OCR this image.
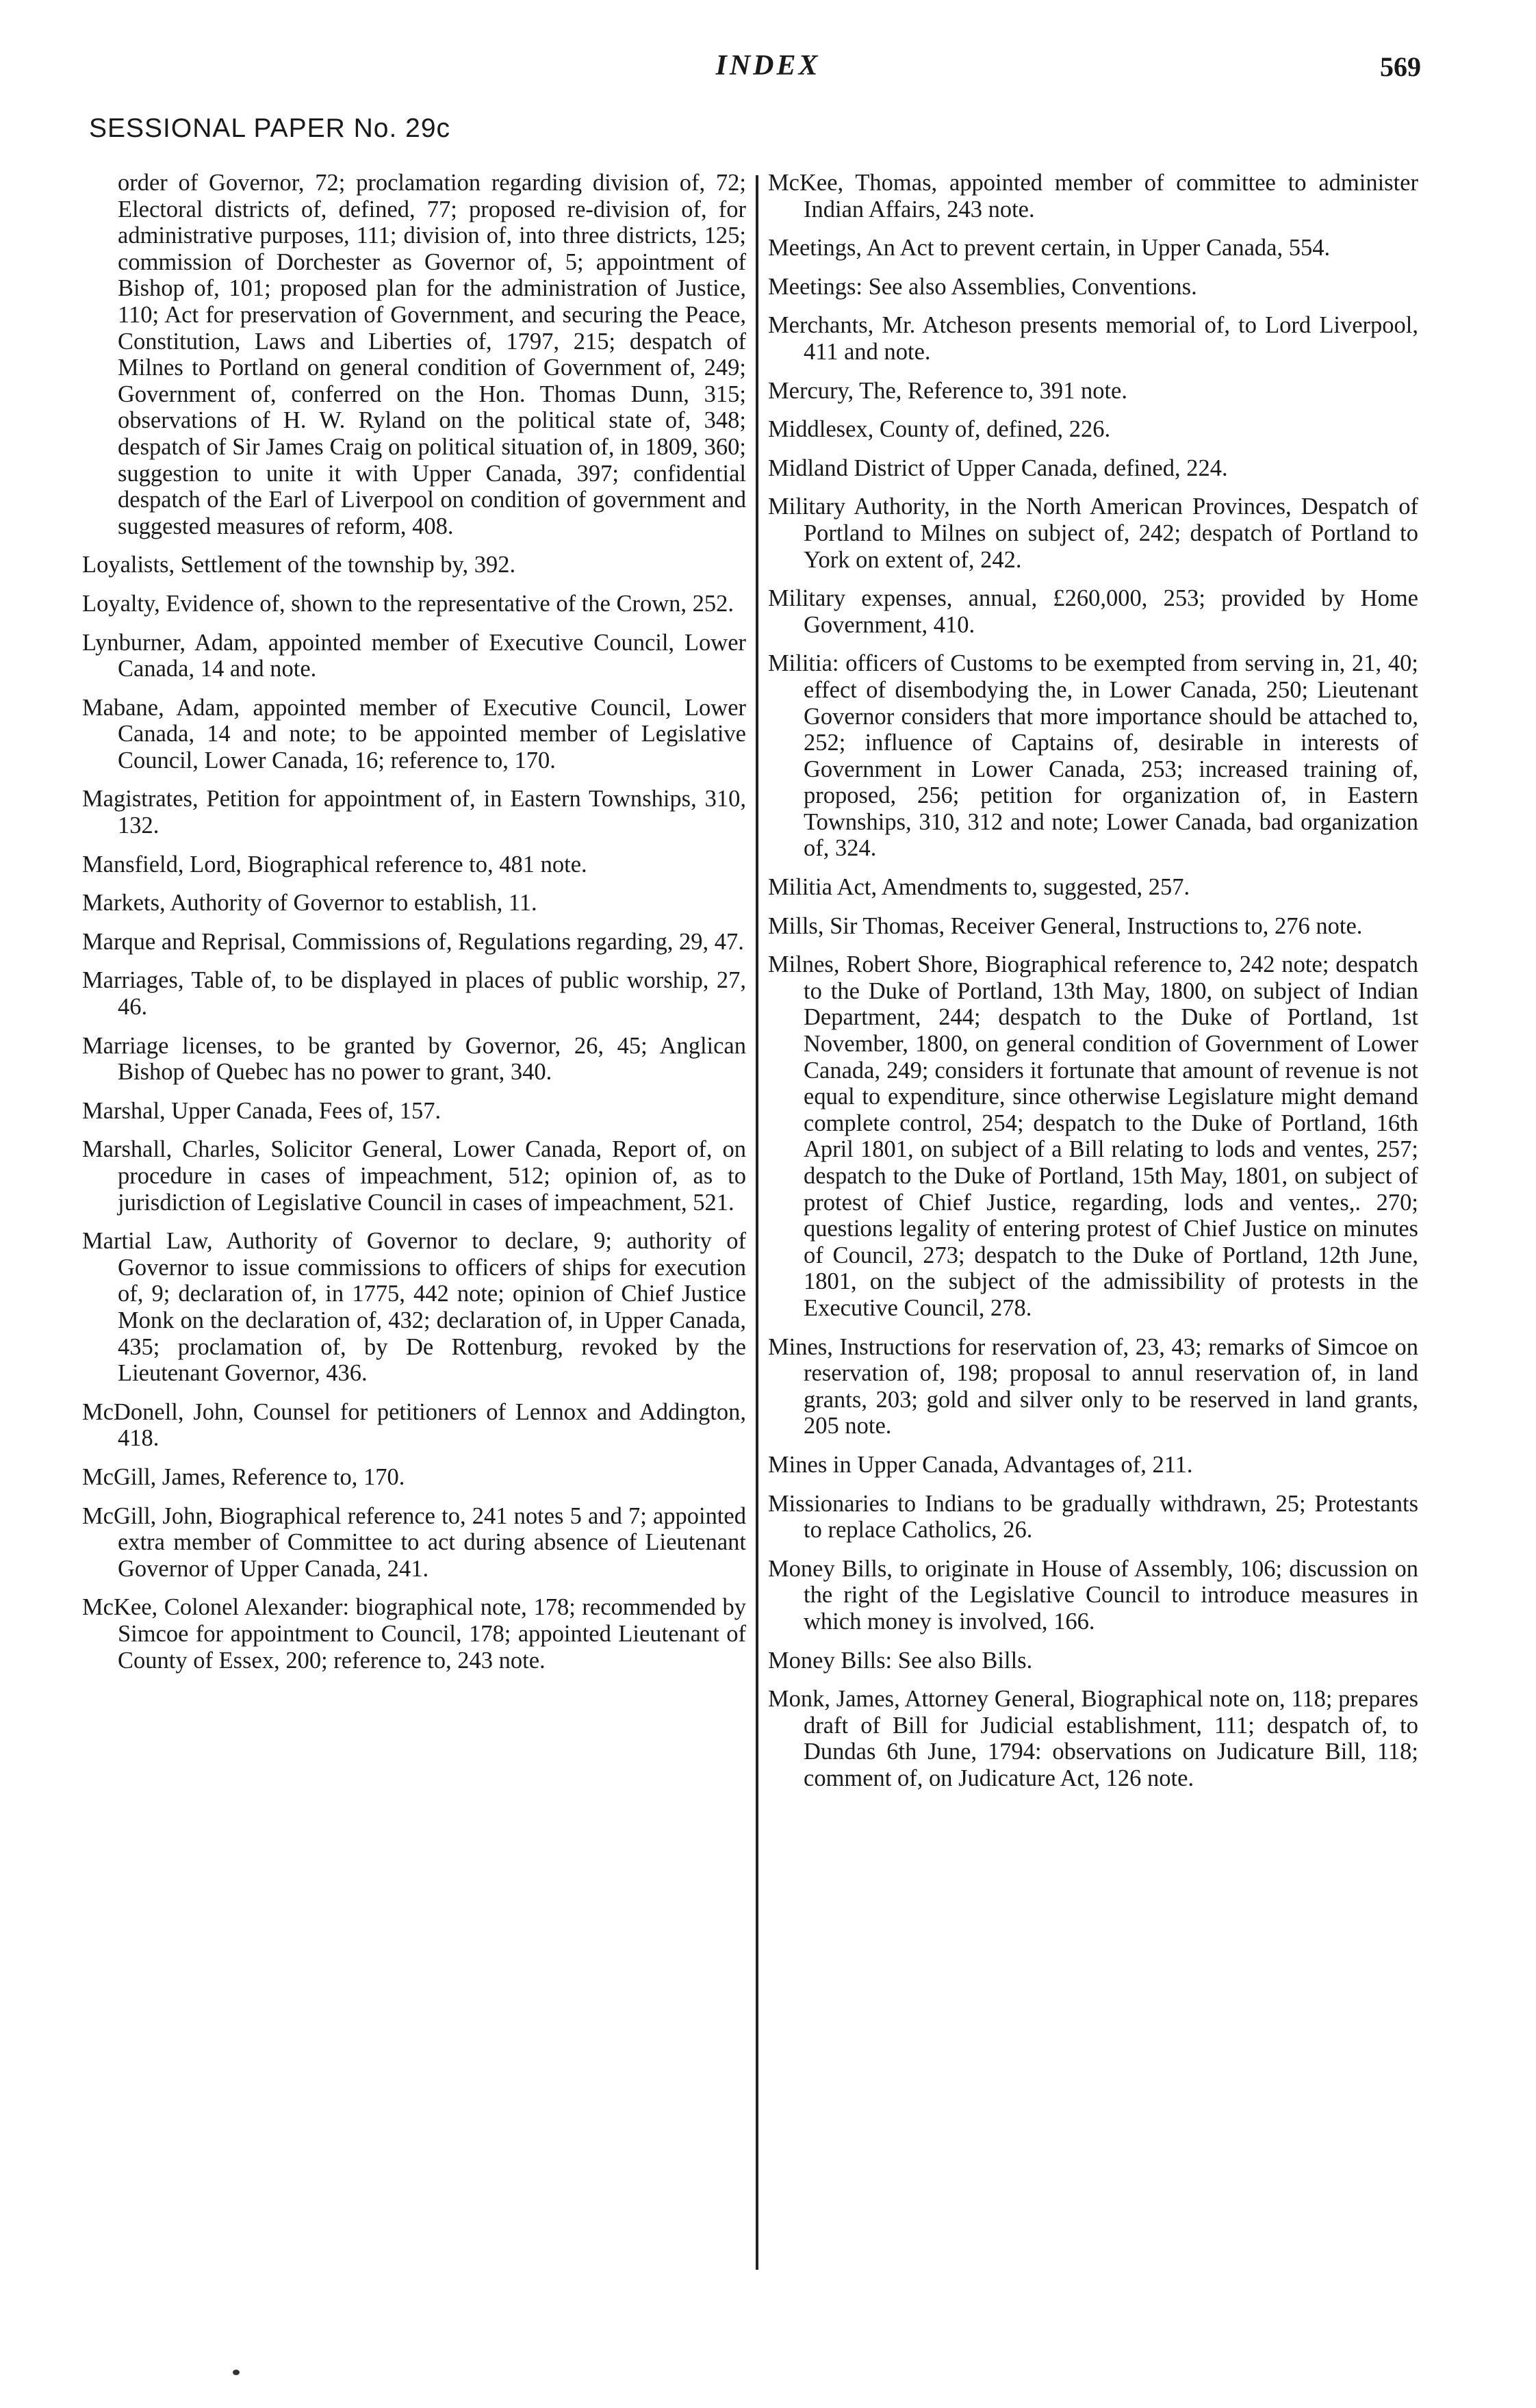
INDEX	569
SESSIONAL PAPER No. 29c

order of Governor, 72; proclamation regarding division of, 72; Electoral districts of, defined, 77; proposed re-division of, for administrative purposes, 111; division of, into three districts, 125; commission of Dorchester as Governor of, 5; appointment of Bishop of, 101; proposed plan for the administration of Justice, 110; Act for preservation of Government, and securing the Peace, Constitution, Laws and Liberties of, 1797, 215; despatch of Milnes to Portland on general condition of Government of, 249; Government of, conferred on the Hon. Thomas Dunn, 315; observations of H. W. Ryland on the political state of, 348; despatch of Sir James Craig on political situation of, in 1809, 360; suggestion to unite it with Upper Canada, 397; confidential despatch of the Earl of Liverpool on condition of government and suggested measures of reform, 408.

Loyalists, Settlement of the township by, 392.

Loyalty, Evidence of, shown to the representative of the Crown, 252.

Lynburner, Adam, appointed member of Executive Council, Lower Canada, 14 and note.

Mabane, Adam, appointed member of Executive Council, Lower Canada, 14 and note; to be appointed member of Legislative Council, Lower Canada, 16; reference to, 170.

Magistrates, Petition for appointment of, in Eastern Townships, 310, 132.

Mansfield, Lord, Biographical reference to, 481 note.

Markets, Authority of Governor to establish, 11.

Marque and Reprisal, Commissions of, Regulations regarding, 29, 47.

Marriages, Table of, to be displayed in places of public worship, 27, 46.

Marriage licenses, to be granted by Governor, 26, 45; Anglican Bishop of Quebec has no power to grant, 340.

Marshal, Upper Canada, Fees of, 157.

Marshall, Charles, Solicitor General, Lower Canada, Report of, on procedure in cases of impeachment, 512; opinion of, as to jurisdiction of Legislative Council in cases of impeachment, 521.

Martial Law, Authority of Governor to declare, 9; authority of Governor to issue commissions to officers of ships for execution of, 9; declaration of, in 1775, 442 note; opinion of Chief Justice Monk on the declaration of, 432; declaration of, in Upper Canada, 435; proclamation of, by De Rottenburg, revoked by the Lieutenant Governor, 436.

McDonell, John, Counsel for petitioners of Lennox and Addington, 418.

McGill, James, Reference to, 170.

McGill, John, Biographical reference to, 241 notes 5 and 7; appointed extra member of Committee to act during absence of Lieutenant Governor of Upper Canada, 241.

McKee, Colonel Alexander: biographical note, 178; recommended by Simcoe for appointment to Council, 178; appointed Lieutenant of County of Essex, 200; reference to, 243 note.

McKee, Thomas, appointed member of committee to administer Indian Affairs, 243 note.

Meetings, An Act to prevent certain, in Upper Canada, 554.

Meetings: See also Assemblies, Conventions.

Merchants, Mr. Atcheson presents memorial of, to Lord Liverpool, 411 and note.

Mercury, The, Reference to, 391 note.

Middlesex, County of, defined, 226.

Midland District of Upper Canada, defined, 224.

Military Authority, in the North American Provinces, Despatch of Portland to Milnes on subject of, 242; despatch of Portland to York on extent of, 242.

Military expenses, annual, £260,000, 253; provided by Home Government, 410.

Militia: officers of Customs to be exempted from serving in, 21, 40; effect of disembodying the, in Lower Canada, 250; Lieutenant Governor considers that more importance should be attached to, 252; influence of Captains of, desirable in interests of Government in Lower Canada, 253; increased training of, proposed, 256; petition for organization of, in Eastern Townships, 310, 312 and note; Lower Canada, bad organization of, 324.

Militia Act, Amendments to, suggested, 257.

Mills, Sir Thomas, Receiver General, Instructions to, 276 note.

Milnes, Robert Shore, Biographical reference to, 242 note; despatch to the Duke of Portland, 13th May, 1800, on subject of Indian Department, 244; despatch to the Duke of Portland, 1st November, 1800, on general condition of Government of Lower Canada, 249; considers it fortunate that amount of revenue is not equal to expenditure, since otherwise Legislature might demand complete control, 254; despatch to the Duke of Portland, 16th April 1801, on subject of a Bill relating to lods and ventes, 257; despatch to the Duke of Portland, 15th May, 1801, on subject of protest of Chief Justice, regarding, lods and ventes,. 270; questions legality of entering protest of Chief Justice on minutes of Council, 273; despatch to the Duke of Portland, 12th June, 1801, on the subject of the admissibility of protests in the Executive Council, 278.

Mines, Instructions for reservation of, 23, 43; remarks of Simcoe on reservation of, 198; proposal to annul reservation of, in land grants, 203; gold and silver only to be reserved in land grants, 205 note.

Mines in Upper Canada, Advantages of, 211.

Missionaries to Indians to be gradually withdrawn, 25; Protestants to replace Catholics, 26.

Money Bills, to originate in House of Assembly, 106; discussion on the right of the Legislative Council to introduce measures in which money is involved, 166.

Money Bills: See also Bills.

Monk, James, Attorney General, Biographical note on, 118; prepares draft of Bill for Judicial establishment, 111; despatch of, to Dundas 6th June, 1794: observations on Judicature Bill, 118; comment of, on Judicature Act, 126 note.
